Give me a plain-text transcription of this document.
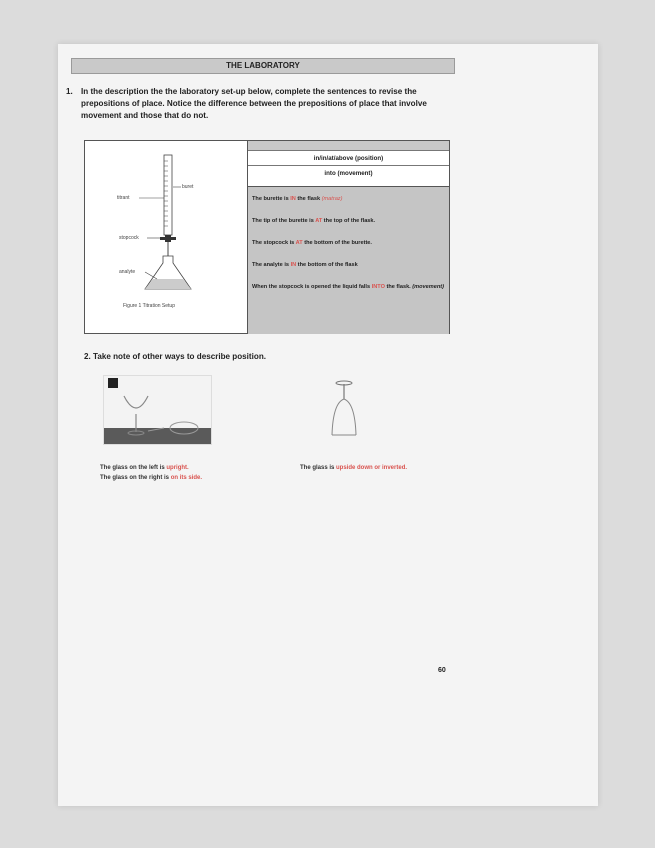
THE LABORATORY
1. In the description the the laboratory set-up below, complete the sentences to revise the prepositions of place. Notice the difference between the prepositions of place that involve movement and those that do not.
buret
titrant
stopcock
analyte
Figure 1 Titration Setup
in/in/at/above (position)
into (movement)
The burette is IN the flask (matraz)
The tip of the burette is AT the top of the flask.
The stopcock is AT the bottom of the burette.
The analyte is IN the bottom of the flask
When the stopcock is opened the liquid falls INTO the flask. (movement)
2. Take note of other ways to describe position.
The glass on the left is upright.
The glass on the right is on its side.
The glass is upside down or inverted.
60
